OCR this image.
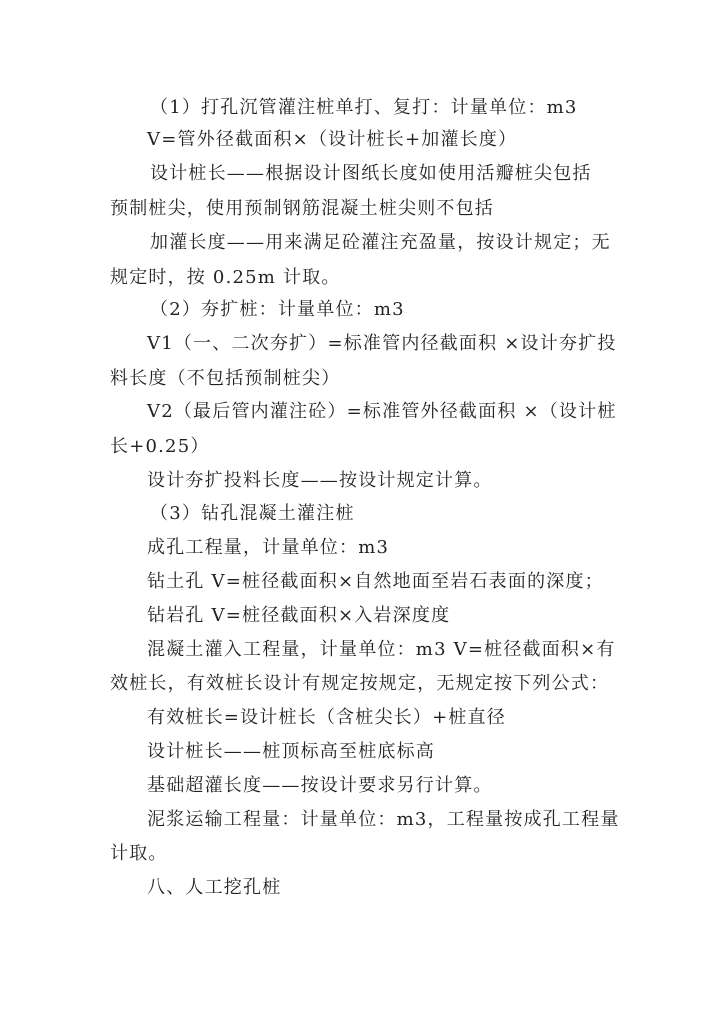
（1）打孔沉管灌注桩单打、复打：计量单位：m3
V=管外径截面积×（设计桩长+加灌长度）
设计桩长——根据设计图纸长度如使用活瓣桩尖包括
预制桩尖，使用预制钢筋混凝土桩尖则不包括
加灌长度——用来满足砼灌注充盈量，按设计规定；无
规定时，按 0.25m 计取。
（2）夯扩桩：计量单位：m3
V1（一、二次夯扩）=标准管内径截面积 ×设计夯扩投
料长度（不包括预制桩尖）
V2（最后管内灌注砼）=标准管外径截面积 ×（设计桩
长+0.25）
设计夯扩投料长度——按设计规定计算。
（3）钻孔混凝土灌注桩
成孔工程量，计量单位：m3
钻土孔 V=桩径截面积×自然地面至岩石表面的深度；
钻岩孔 V=桩径截面积×入岩深度度
混凝土灌入工程量，计量单位：m3 V=桩径截面积×有
效桩长，有效桩长设计有规定按规定，无规定按下列公式：
有效桩长=设计桩长（含桩尖长）+桩直径
设计桩长——桩顶标高至桩底标高
基础超灌长度——按设计要求另行计算。
泥浆运输工程量：计量单位：m3，工程量按成孔工程量
计取。
八、人工挖孔桩
